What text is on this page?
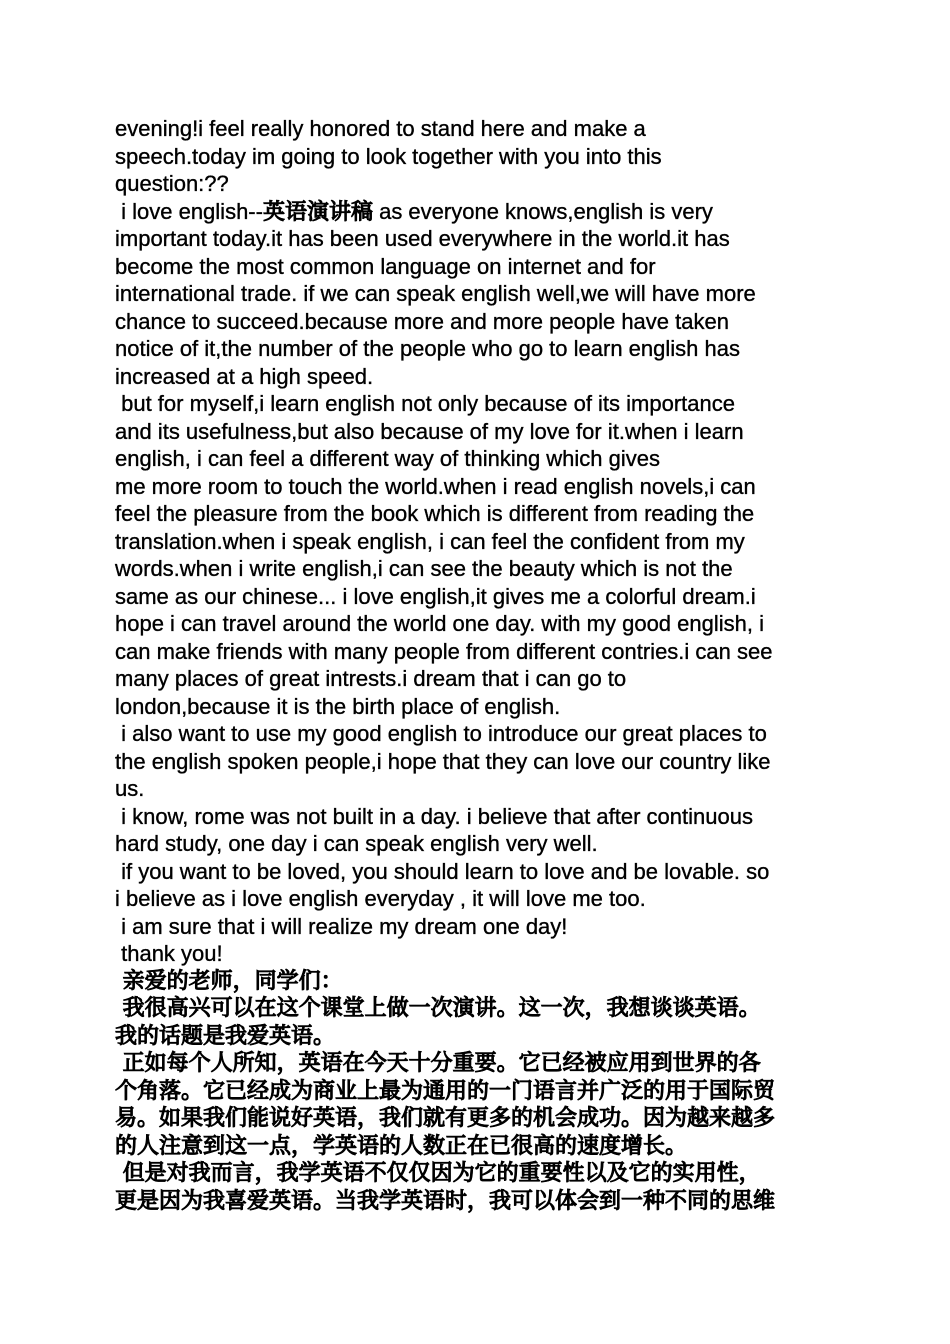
evening!i feel really honored to stand here and make a
speech.today im going to look together with you into this
question:??
i love english--英语演讲稿 as everyone knows,english is very
important today.it has been used everywhere in the world.it has
become the most common language on internet and for
international trade. if we can speak english well,we will have more
chance to succeed.because more and more people have taken
notice of it,the number of the people who go to learn english has
increased at a high speed.
but for myself,i learn english not only because of its importance
and its usefulness,but also because of my love for it.when i learn
english, i can feel a different way of thinking which gives
me more room to touch the world.when i read english novels,i can
feel the pleasure from the book which is different from reading the
translation.when i speak english, i can feel the confident from my
words.when i write english,i can see the beauty which is not the
same as our chinese... i love english,it gives me a colorful dream.i
hope i can travel around the world one day. with my good english, i
can make friends with many people from different contries.i can see
many places of great intrests.i dream that i can go to
london,because it is the birth place of english.
i also want to use my good english to introduce our great places to
the english spoken people,i hope that they can love our country like
us.
i know, rome was not built in a day. i believe that after continuous
hard study, one day i can speak english very well.
if you want to be loved, you should learn to love and be lovable. so
i believe as i love english everyday , it will love me too.
i am sure that i will realize my dream one day!
thank you!
亲爱的老师，同学们：
我很高兴可以在这个课堂上做一次演讲。这一次，我想谈谈英语。
我的话题是我爱英语。
正如每个人所知，英语在今天十分重要。它已经被应用到世界的各
个角落。它已经成为商业上最为通用的一门语言并广泛的用于国际贸
易。如果我们能说好英语，我们就有更多的机会成功。因为越来越多
的人注意到这一点，学英语的人数正在已很高的速度增长。
但是对我而言，我学英语不仅仅因为它的重要性以及它的实用性，
更是因为我喜爱英语。当我学英语时，我可以体会到一种不同的思维
